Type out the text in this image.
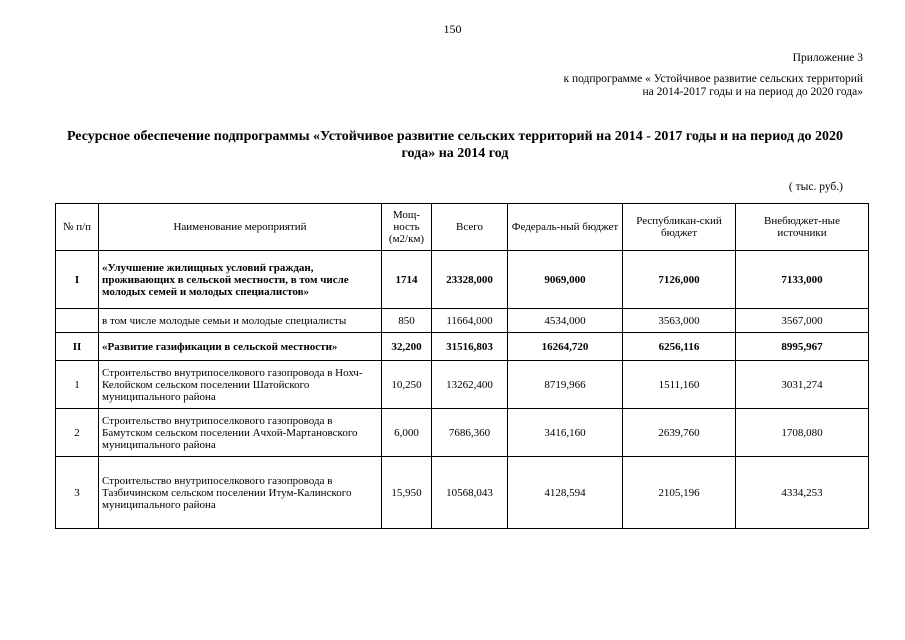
150
Приложение 3
к подпрограмме « Устойчивое развитие сельских территорий
на 2014-2017 годы и на период до 2020 года»
Ресурсное обеспечение подпрограммы «Устойчивое развитие сельских территорий на 2014 - 2017 годы и на период до 2020 года» на 2014 год
( тыс. руб.)
№ п/п	Наименование мероприятий	Мощ-ность (м2/км)	Всего	Федераль-ный бюджет	Республикан-ский бюджет	Внебюджет-ные источники
I	«Улучшение жилищных условий граждан, проживающих в сельской местности, в том числе молодых семей и молодых специалистов»	1714	23328,000	9069,000	7126,000	7133,000
	в том числе молодые семьи и молодые специалисты	850	11664,000	4534,000	3563,000	3567,000
II	«Развитие газификации в сельской местности»	32,200	31516,803	16264,720	6256,116	8995,967
1	Строительство внутрипоселкового газопровода в Нохч- Келойском сельском поселении Шатойского муниципального района	10,250	13262,400	8719,966	1511,160	3031,274
2	Строительство внутрипоселкового газопровода в Бамутском сельском поселении Ачхой-Мартановского муниципального района	6,000	7686,360	3416,160	2639,760	1708,080
3	Строительство внутрипоселкового газопровода в Тазбичинском сельском поселении Итум-Калинского муниципального района	15,950	10568,043	4128,594	2105,196	4334,253
